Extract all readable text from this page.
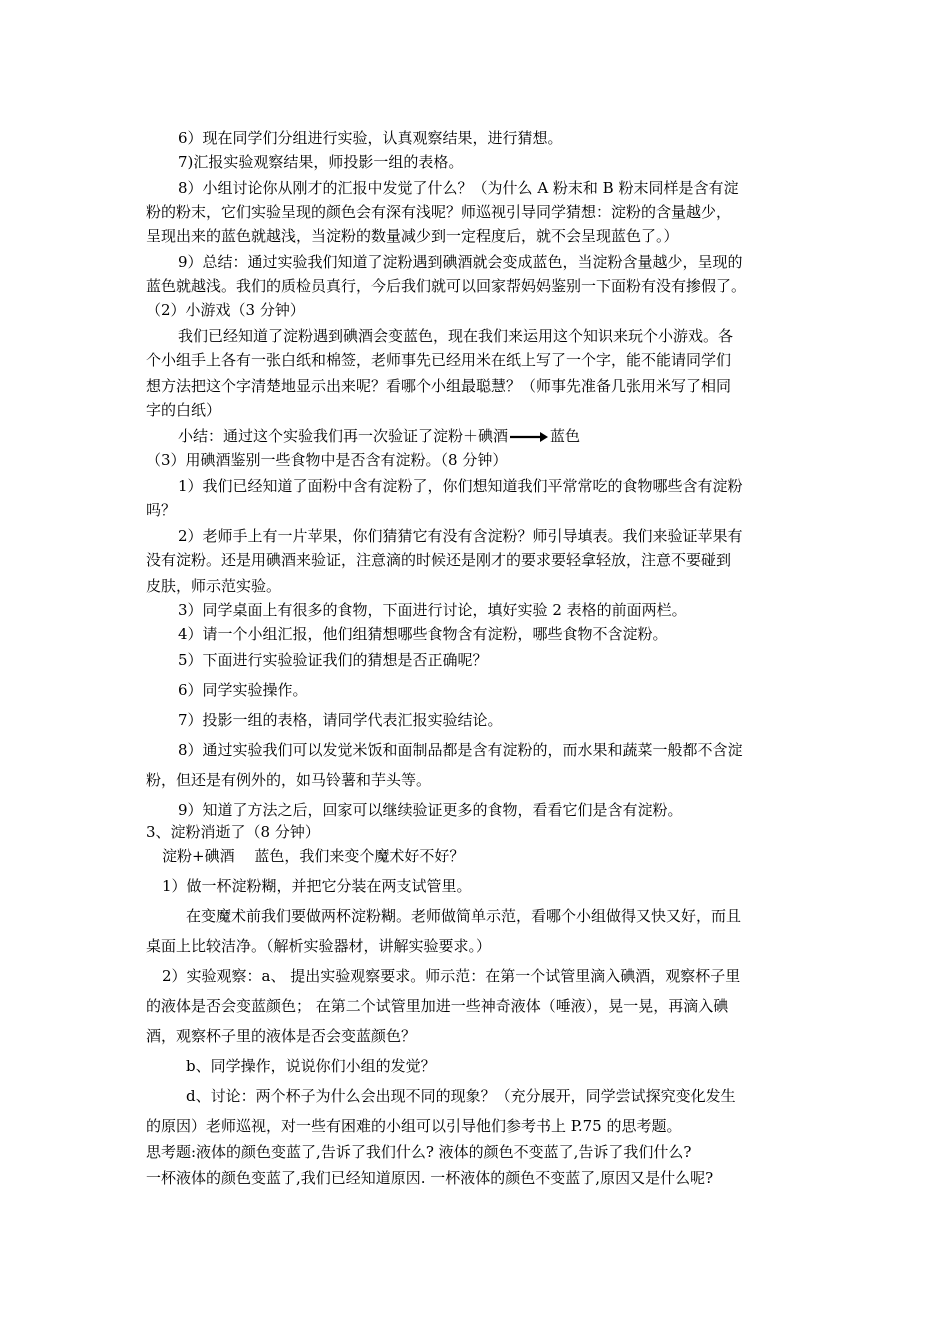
6）现在同学们分组进行实验，认真观察结果，进行猜想。
7)汇报实验观察结果，师投影一组的表格。
8）小组讨论你从刚才的汇报中发觉了什么？（为什么 A 粉末和 B 粉末同样是含有淀
粉的粉末，它们实验呈现的颜色会有深有浅呢？师巡视引导同学猜想：淀粉的含量越少，
呈现出来的蓝色就越浅，当淀粉的数量减少到一定程度后，就不会呈现蓝色了。）
9）总结：通过实验我们知道了淀粉遇到碘酒就会变成蓝色，当淀粉含量越少，呈现的
蓝色就越浅。我们的质检员真行，今后我们就可以回家帮妈妈鉴别一下面粉有没有掺假了。
（2）小游戏（3 分钟）
我们已经知道了淀粉遇到碘酒会变蓝色，现在我们来运用这个知识来玩个小游戏。各
个小组手上各有一张白纸和棉签，老师事先已经用米在纸上写了一个字，能不能请同学们
想方法把这个字清楚地显示出来呢？看哪个小组最聪慧？（师事先准备几张用米写了相同
字的白纸）
小结：通过这个实验我们再一次验证了淀粉＋碘酒	蓝色
（3）用碘酒鉴别一些食物中是否含有淀粉。（8 分钟）
1）我们已经知道了面粉中含有淀粉了，你们想知道我们平常常吃的食物哪些含有淀粉
吗？
2）老师手上有一片苹果，你们猜猜它有没有含淀粉？师引导填表。我们来验证苹果有
没有淀粉。还是用碘酒来验证，注意滴的时候还是刚才的要求要轻拿轻放，注意不要碰到
皮肤，师示范实验。
3）同学桌面上有很多的食物，下面进行讨论，填好实验 2 表格的前面两栏。
4）请一个小组汇报，他们组猜想哪些食物含有淀粉，哪些食物不含淀粉。
5）下面进行实验验证我们的猜想是否正确呢？
6）同学实验操作。
7）投影一组的表格，请同学代表汇报实验结论。
8）通过实验我们可以发觉米饭和面制品都是含有淀粉的，而水果和蔬菜一般都不含淀
粉，但还是有例外的，如马铃薯和芋头等。
9）知道了方法之后，回家可以继续验证更多的食物，看看它们是含有淀粉。
3、淀粉消逝了（8 分钟）
淀粉+碘酒　 蓝色，我们来变个魔术好不好？
1）做一杯淀粉糊，并把它分装在两支试管里。
在变魔术前我们要做两杯淀粉糊。老师做简单示范，看哪个小组做得又快又好，而且
桌面上比较洁净。（解析实验器材，讲解实验要求。）
2）实验观察：a、 提出实验观察要求。师示范：在第一个试管里滴入碘酒，观察杯子里
的液体是否会变蓝颜色； 在第二个试管里加进一些神奇液体（唾液），晃一晃，再滴入碘
酒，观察杯子里的液体是否会变蓝颜色？
b、同学操作，说说你们小组的发觉？
d、讨论：两个杯子为什么会出现不同的现象？（充分展开，同学尝试探究变化发生
的原因）老师巡视，对一些有困难的小组可以引导他们参考书上 P.75 的思考题。
思考题:液体的颜色变蓝了,告诉了我们什么? 液体的颜色不变蓝了,告诉了我们什么?
一杯液体的颜色变蓝了,我们已经知道原因. 一杯液体的颜色不变蓝了,原因又是什么呢?
